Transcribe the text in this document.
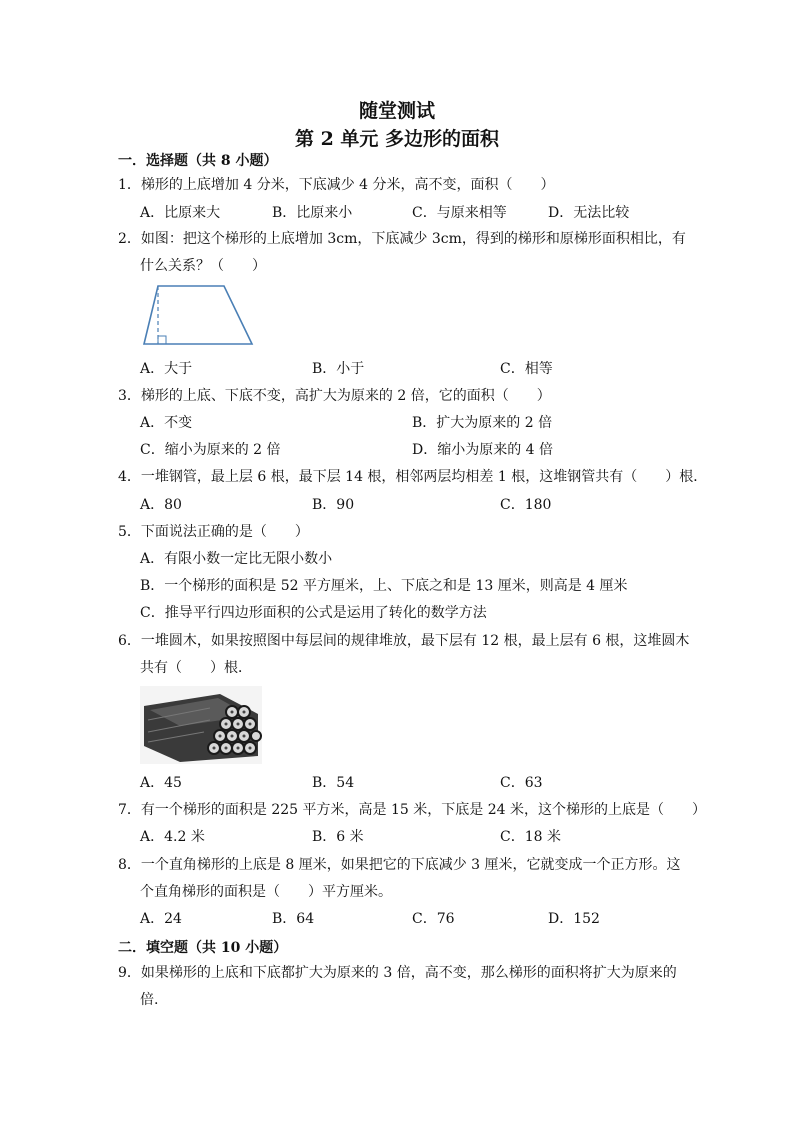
随堂测试
第 2 单元 多边形的面积
一．选择题（共 8 小题）
1．梯形的上底增加 4 分米，下底减少 4 分米，高不变，面积（　　）
A．比原来大	B．比原来小	C．与原来相等	D．无法比较
2．如图：把这个梯形的上底增加 3cm，下底减少 3cm，得到的梯形和原梯形面积相比，有
什么关系？（　　）
A．大于	B．小于	C．相等
3．梯形的上底、下底不变，高扩大为原来的 2 倍，它的面积（　　）
A．不变	B．扩大为原来的 2 倍
C．缩小为原来的 2 倍	D．缩小为原来的 4 倍
4．一堆钢管，最上层 6 根，最下层 14 根，相邻两层均相差 1 根，这堆钢管共有（　　）根．
A．80	B．90	C．180
5．下面说法正确的是（　　）
A．有限小数一定比无限小数小
B．一个梯形的面积是 52 平方厘米，上、下底之和是 13 厘米，则高是 4 厘米
C．推导平行四边形面积的公式是运用了转化的数学方法
6．一堆圆木，如果按照图中每层间的规律堆放，最下层有 12 根，最上层有 6 根，这堆圆木
共有（　　）根．
A．45	B．54	C．63
7．有一个梯形的面积是 225 平方米，高是 15 米，下底是 24 米，这个梯形的上底是（　　）
A．4.2 米	B．6 米	C．18 米
8．一个直角梯形的上底是 8 厘米，如果把它的下底减少 3 厘米，它就变成一个正方形。这
个直角梯形的面积是（　　）平方厘米。
A．24	B．64	C．76	D．152
二．填空题（共 10 小题）
9．如果梯形的上底和下底都扩大为原来的 3 倍，高不变，那么梯形的面积将扩大为原来的
倍.
